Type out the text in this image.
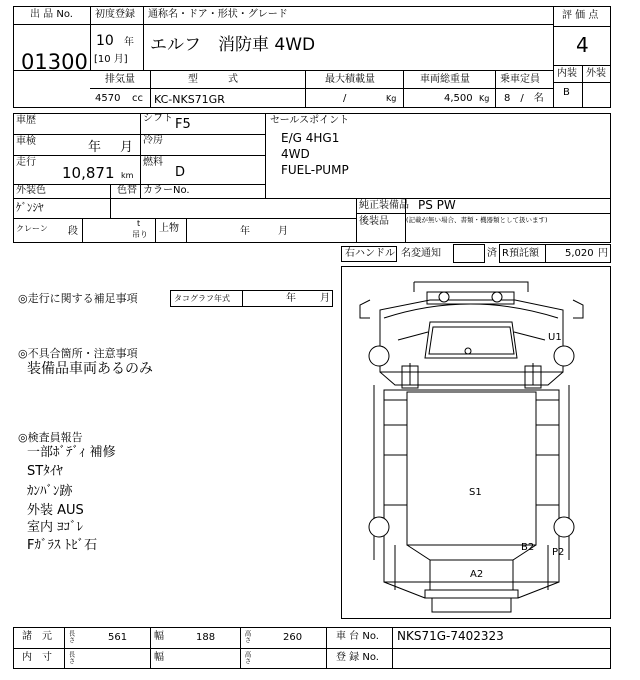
出 品 No.
01300
初度登録
10 年
[10 月]
通称名・ドア・形状・グレード
エルフ　消防車 4WD
評 価 点
4
内装 外装
B
排気量
4570 cc
型　　　式
KC-NKS71GR
最大積載量
/	Kg
車両総重量
4,500 Kg
乗車定員
8　/　名
車歴	シフト F5
車検	年 月 冷房
走行
10,871 km
燃料
D
外装色
ｹﾞﾝｼﾔ
色替 カラーNo.
クレーン 段
t
吊り
上物	年	月
セールスポイント
E/G 4HG1
4WD
FUEL-PUMP
純正装備品 PS PW
後装品	(記載が無い場合、書類・機器類として扱います)
右ハンドル 名変通知	済 R預託額	5,020 円
◎走行に関する補足事項	タコグラフ年式	年 月
◎不具合箇所・注意事項
装備品車両あるのみ
◎検査員報告
一部ﾎﾞﾃﾞｨ 補修
STﾀｲﾔ
ｶﾝﾊﾞﾝ跡
外装 AUS
室内 ﾖｺﾞﾚ
Fｶﾞﾗｽ ﾄﾋﾞ石
U1
S1
B2 P2
A2
諸　元 長さ	561	幅	188	高さ	260	車 台 No. NKS71G-7402323
内　寸 長さ	幅	高さ	登 録 No.
